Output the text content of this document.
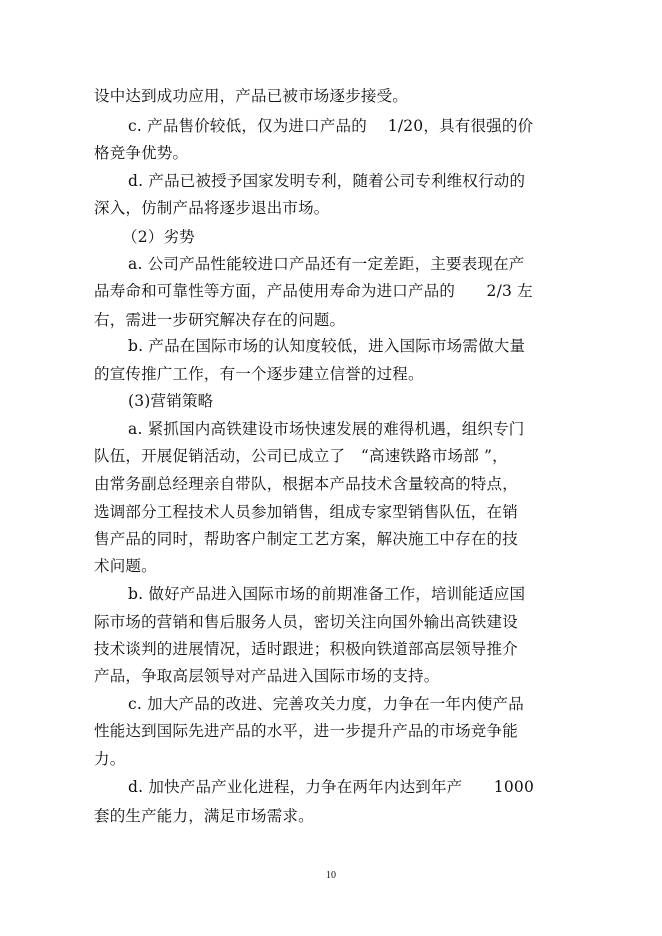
设中达到成功应用，产品已被市场逐步接受。
c. 产品售价较低，仅为进口产品的　 1/20，具有很强的价
格竞争优势。
d. 产品已被授予国家发明专利，随着公司专利维权行动的
深入，仿制产品将逐步退出市场。
（2）劣势
a. 公司产品性能较进口产品还有一定差距，主要表现在产
品寿命和可靠性等方面，产品使用寿命为进口产品的　　2/3 左
右，需进一步研究解决存在的问题。
b. 产品在国际市场的认知度较低，进入国际市场需做大量
的宣传推广工作，有一个逐步建立信誉的过程。
(3)营销策略
a. 紧抓国内高铁建设市场快速发展的难得机遇，组织专门
队伍，开展促销活动，公司已成立了　“高速铁路市场部 ”，
由常务副总经理亲自带队，根据本产品技术含量较高的特点，
选调部分工程技术人员参加销售，组成专家型销售队伍，在销
售产品的同时，帮助客户制定工艺方案，解决施工中存在的技
术问题。
b. 做好产品进入国际市场的前期准备工作，培训能适应国
际市场的营销和售后服务人员，密切关注向国外输出高铁建设
技术谈判的进展情况，适时跟进；积极向铁道部高层领导推介
产品，争取高层领导对产品进入国际市场的支持。
c. 加大产品的改进、完善攻关力度，力争在一年内使产品
性能达到国际先进产品的水平，进一步提升产品的市场竞争能
力。
d. 加快产品产业化进程，力争在两年内达到年产　　1000
套的生产能力，满足市场需求。
10
